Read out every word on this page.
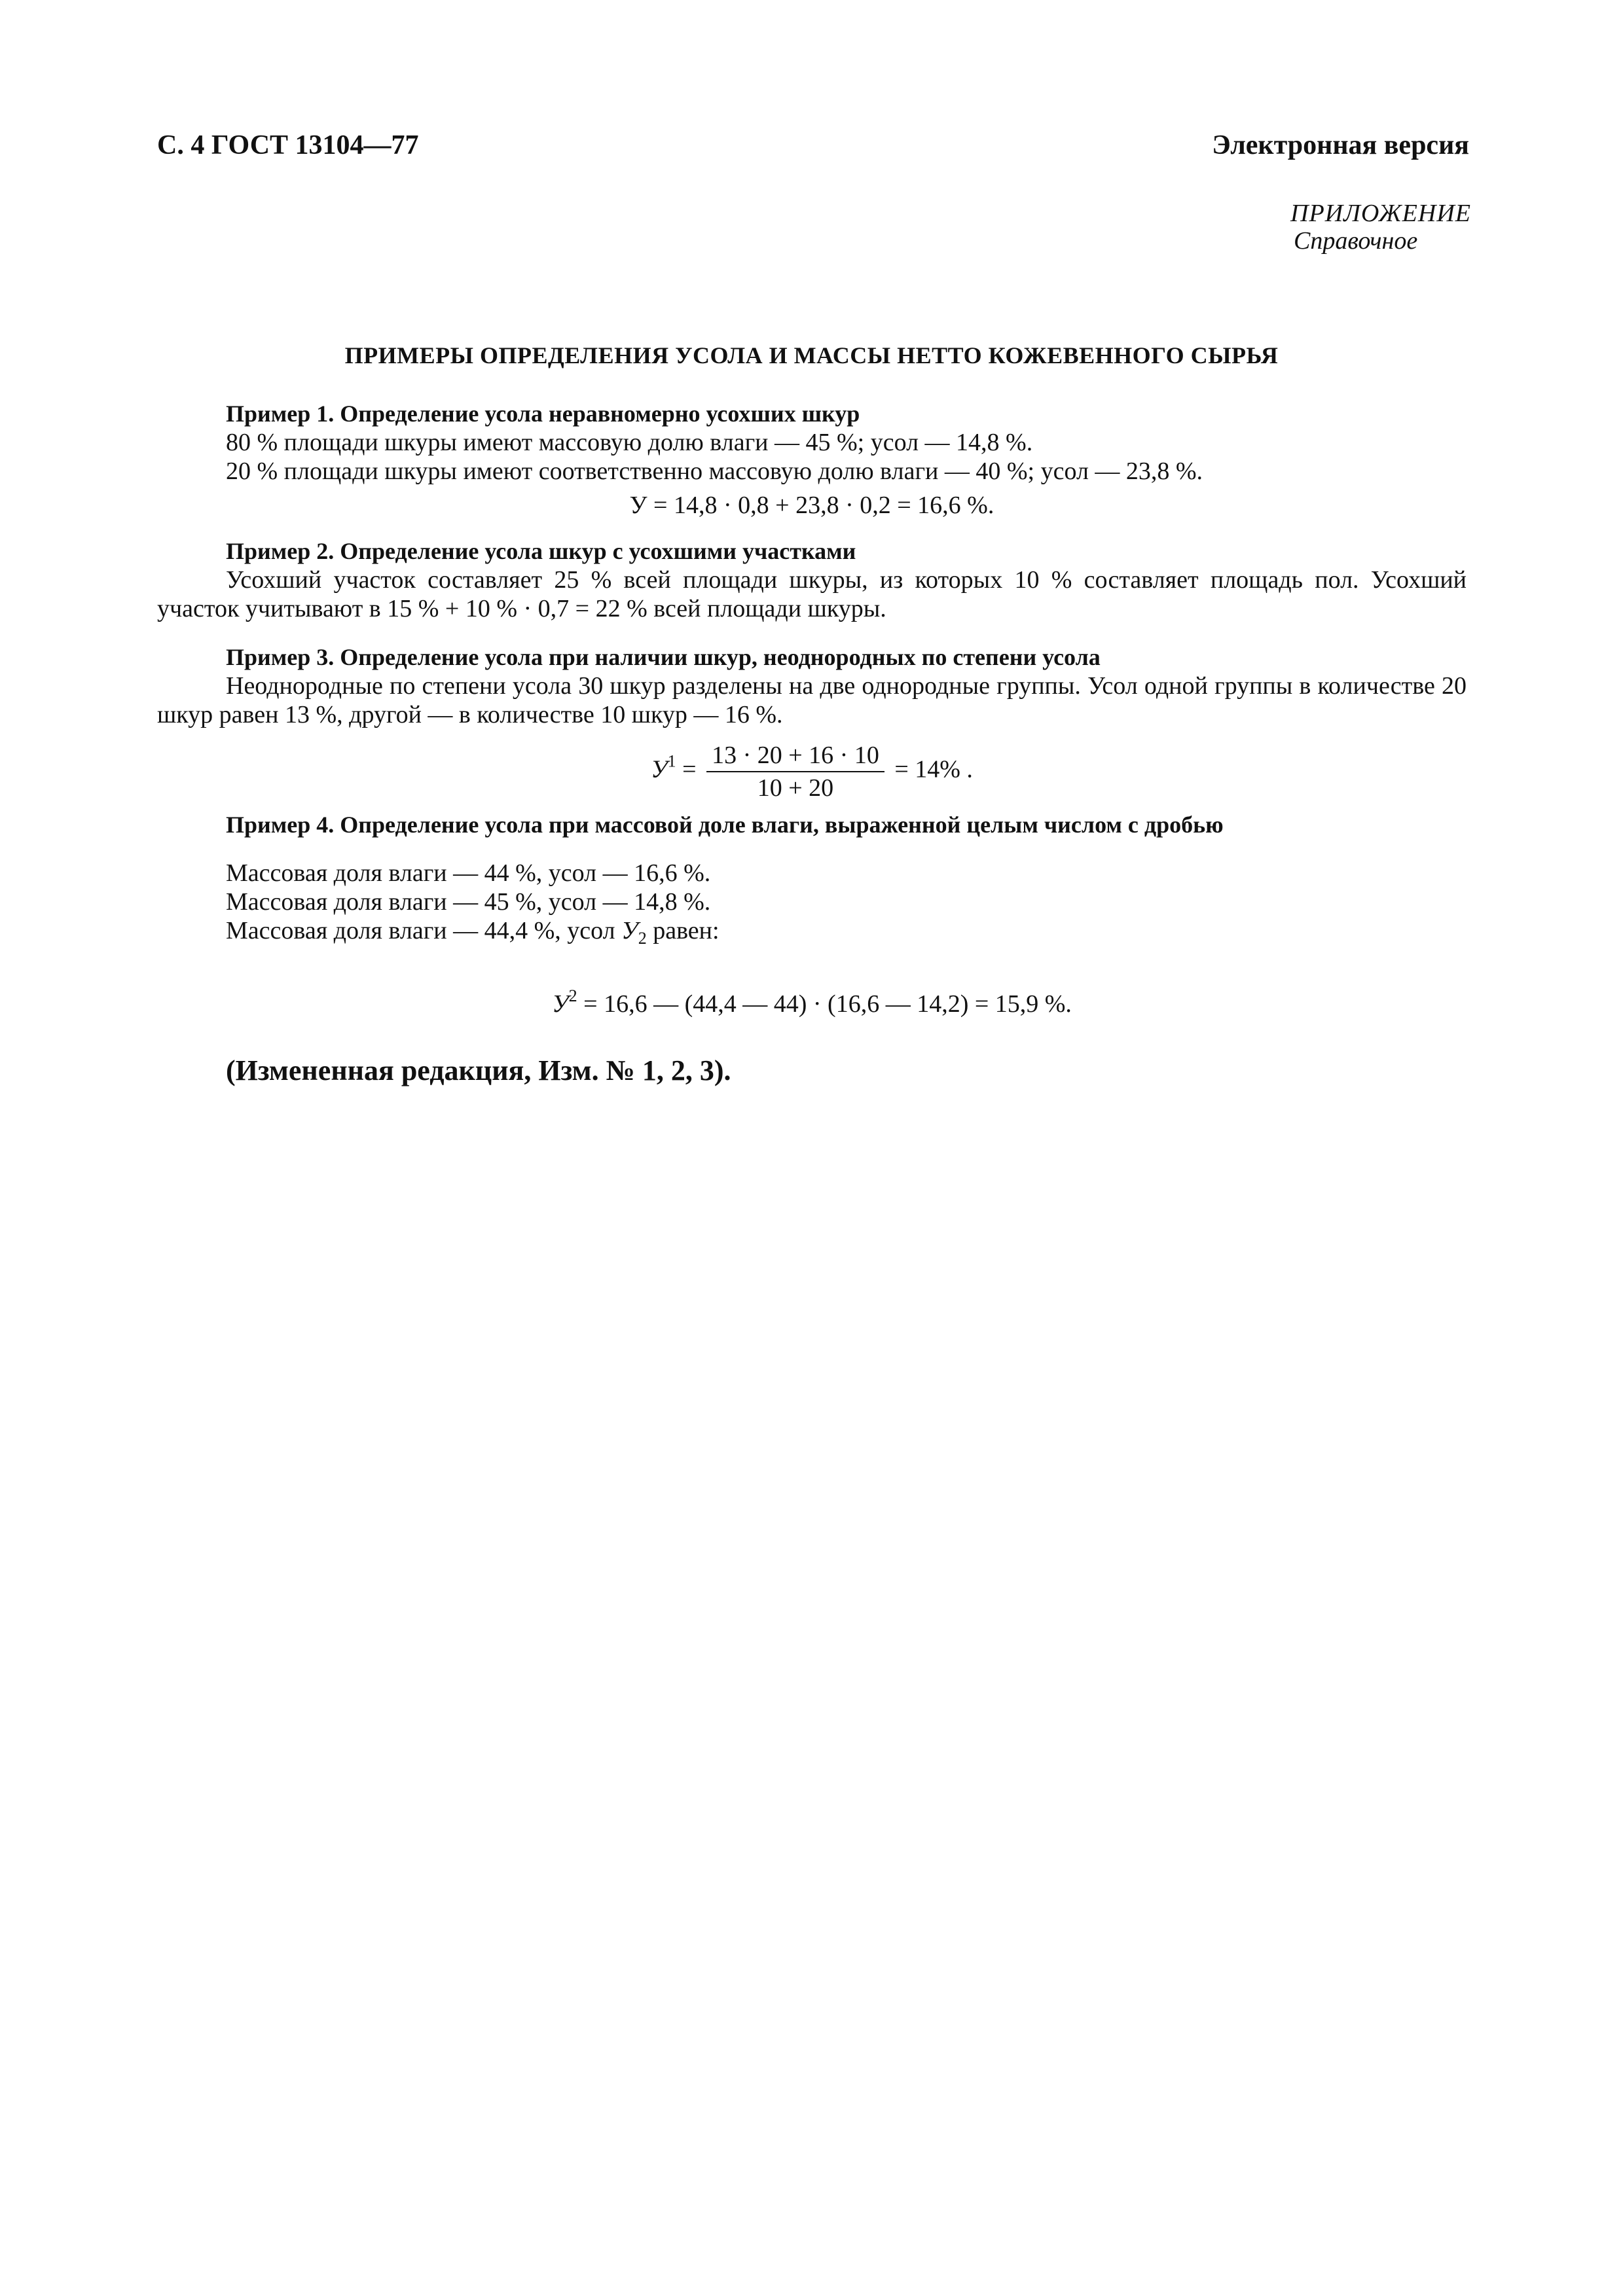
С. 4 ГОСТ 13104—77	Электронная версия
ПРИЛОЖЕНИЕ
Справочное
ПРИМЕРЫ ОПРЕДЕЛЕНИЯ УСОЛА И МАССЫ НЕТТО КОЖЕВЕННОГО СЫРЬЯ
Пример 1. Определение усола неравномерно усохших шкур
80 % площади шкуры имеют массовую долю влаги — 45 %; усол — 14,8 %.
20 % площади шкуры имеют соответственно массовую долю влаги — 40 %; усол — 23,8 %.
У = 14,8 · 0,8 + 23,8 · 0,2 = 16,6 %.
Пример 2. Определение усола шкур с усохшими участками
Усохший участок составляет 25 % всей площади шкуры, из которых 10 % составляет площадь пол. Усохший участок учитывают в 15 % + 10 % · 0,7 = 22 % всей площади шкуры.
Пример 3. Определение усола при наличии шкур, неоднородных по степени усола
Неоднородные по степени усола 30 шкур разделены на две однородные группы. Усол одной группы в количестве 20 шкур равен 13 %, другой — в количестве 10 шкур — 16 %.
$У^1 = \frac{13 \cdot 20 + 16 \cdot 10}{10 + 20} = 14\%$ .
Пример 4. Определение усола при массовой доле влаги, выраженной целым числом с дробью
Массовая доля влаги — 44 %, усол — 16,6 %.
Массовая доля влаги — 45 %, усол — 14,8 %.
Массовая доля влаги — 44,4 %, усол $У_2$ равен:
$У^2 = 16,6$ — (44,4 — 44) · (16,6 — 14,2) = 15,9 %.
(Измененная редакция, Изм. № 1, 2, 3).
